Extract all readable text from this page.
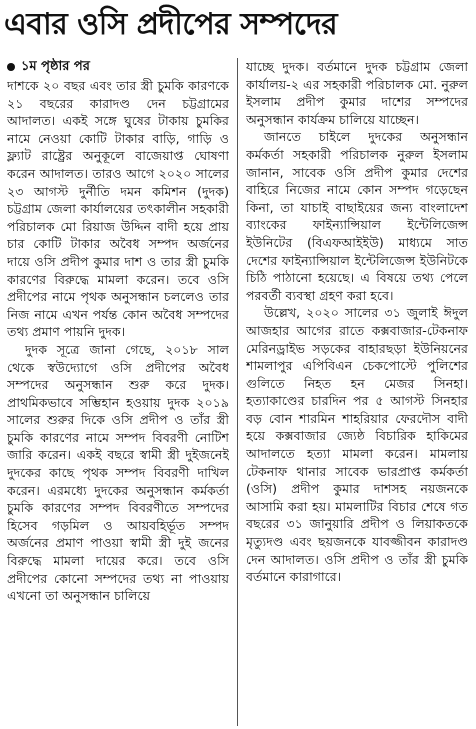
এবার ওসি প্রদীপের সম্পদের
১ম পৃষ্ঠার পর

দাশকে ২০ বছর এবং তার স্ত্রী চুমকি কারণকে ২১ বছরের কারাদণ্ড দেন চট্টগ্রামের আদালত। একই সঙ্গে ঘুষের টাকায় চুমকির নামে নেওয়া কোটি টাকার বাড়ি, গাড়ি ও ফ্ল্যাট রাষ্ট্রের অনুকূলে বাজেয়াপ্ত ঘোষণা করেন আদালত। তারও আগে ২০২০ সালের ২৩ আগস্ট দুর্নীতি দমন কমিশন (দুদক) চট্টগ্রাম জেলা কার্যালয়ের তৎকালীন সহকারী পরিচালক মো রিয়াজ উদ্দিন বাদী হয়ে প্রায় চার কোটি টাকার অবৈধ সম্পদ অর্জনের দায়ে ওসি প্রদীপ কুমার দাশ ও তার স্ত্রী চুমকি কারণের বিরুদ্ধে মামলা করেন। তবে ওসি প্রদীপের নামে পৃথক অনুসন্ধান চললেও তার নিজ নামে এখন পর্যন্ত কোন অবৈধ সম্পদের তথ্য প্রমাণ পায়নি দুদক।

দুদক সূত্রে জানা গেছে, ২০১৮ সাল থেকে স্বউদ্যোগে ওসি প্রদীপের অবৈধ সম্পদের অনুসন্ধান শুরু করে দুদক। প্রাথমিকভাবে সম্ভিহান হওয়ায় দুদক ২০১৯ সালের শুরুর দিকে ওসি প্রদীপ ও তাঁর স্ত্রী চুমকি কারণের নামে সম্পদ বিবরণী নোটিশ জারি করেন। একই বছরে স্বামী স্ত্রী দুইজনেই দুদকের কাছে পৃথক সম্পদ বিবরণী দাখিল করেন। এরমধ্যে দুদকের অনুসন্ধান কর্মকর্তা চুমকি কারণের সম্পদ বিবরণীতে সম্পদের হিসেব গড়মিল ও আয়বহির্ভূত সম্পদ অর্জনের প্রমাণ পাওয়া স্বামী স্ত্রী দুই জনের বিরুদ্ধে মামলা দায়ের করে। তবে ওসি প্রদীপের কোনো সম্পদের তথ্য না পাওয়ায় এখনো তা অনুসন্ধান চালিয়ে

যাচ্ছে দুদক। বর্তমানে দুদক চট্টগ্রাম জেলা কার্যালয়-২ এর সহকারী পরিচালক মো. নুরুল ইসলাম প্রদীপ কুমার দাশের সম্পদের অনুসন্ধান কার্যক্রম চালিয়ে যাচ্ছেন।

জানতে চাইলে দুদকের অনুসন্ধান কর্মকর্তা সহকারী পরিচালক নুরুল ইসলাম জানান, সাবেক ওসি প্রদীপ কুমার দেশের বাহিরে নিজের নামে কোন সম্পদ গড়েছেন কিনা, তা যাচাই বাছাইয়ের জন্য বাংলাদেশ ব্যাংকের ফাইন্যান্সিয়াল ইন্টেলিজেন্স ইউনিটের (বিএফআইইউ) মাধ্যমে সাত দেশের ফাইন্যান্সিয়াল ইন্টেলিজেন্স ইউনিটকে চিঠি পাঠানো হয়েছে। এ বিষয়ে তথ্য পেলে পরবর্তী ব্যবস্থা গ্রহণ করা হবে।

উল্লেখ, ২০২০ সালের ৩১ জুলাই ঈদুল আজহার আগের রাতে কক্সবাজার-টেকনাফ মেরিনড্রাইভ সড়কের বাহারছড়া ইউনিয়নের শামলাপুর এপিবিএন চেকপোস্টে পুলিশের গুলিতে নিহত হন মেজর সিনহা। হত্যাকাণ্ডের চারদিন পর ৫ আগস্ট সিনহার বড় বোন শারমিন শাহরিয়ার ফেরদৌস বাদী হয়ে কক্সবাজার জ্যেষ্ঠ বিচারিক হাকিমের আদালতে হত্যা মামলা করেন। মামলায় টেকনাফ থানার সাবেক ভারপ্রাপ্ত কর্মকর্তা (ওসি) প্রদীপ কুমার দাশসহ নয়জনকে আসামি করা হয়। মামলাটির বিচার শেষে গত বছরের ৩১ জানুয়ারি প্রদীপ ও লিয়াকতকে মৃত্যুদণ্ড এবং ছয়জনকে যাবজ্জীবন কারাদণ্ড দেন আদালত। ওসি প্রদীপ ও তাঁর স্ত্রী চুমকি বর্তমানে কারাগারে।
